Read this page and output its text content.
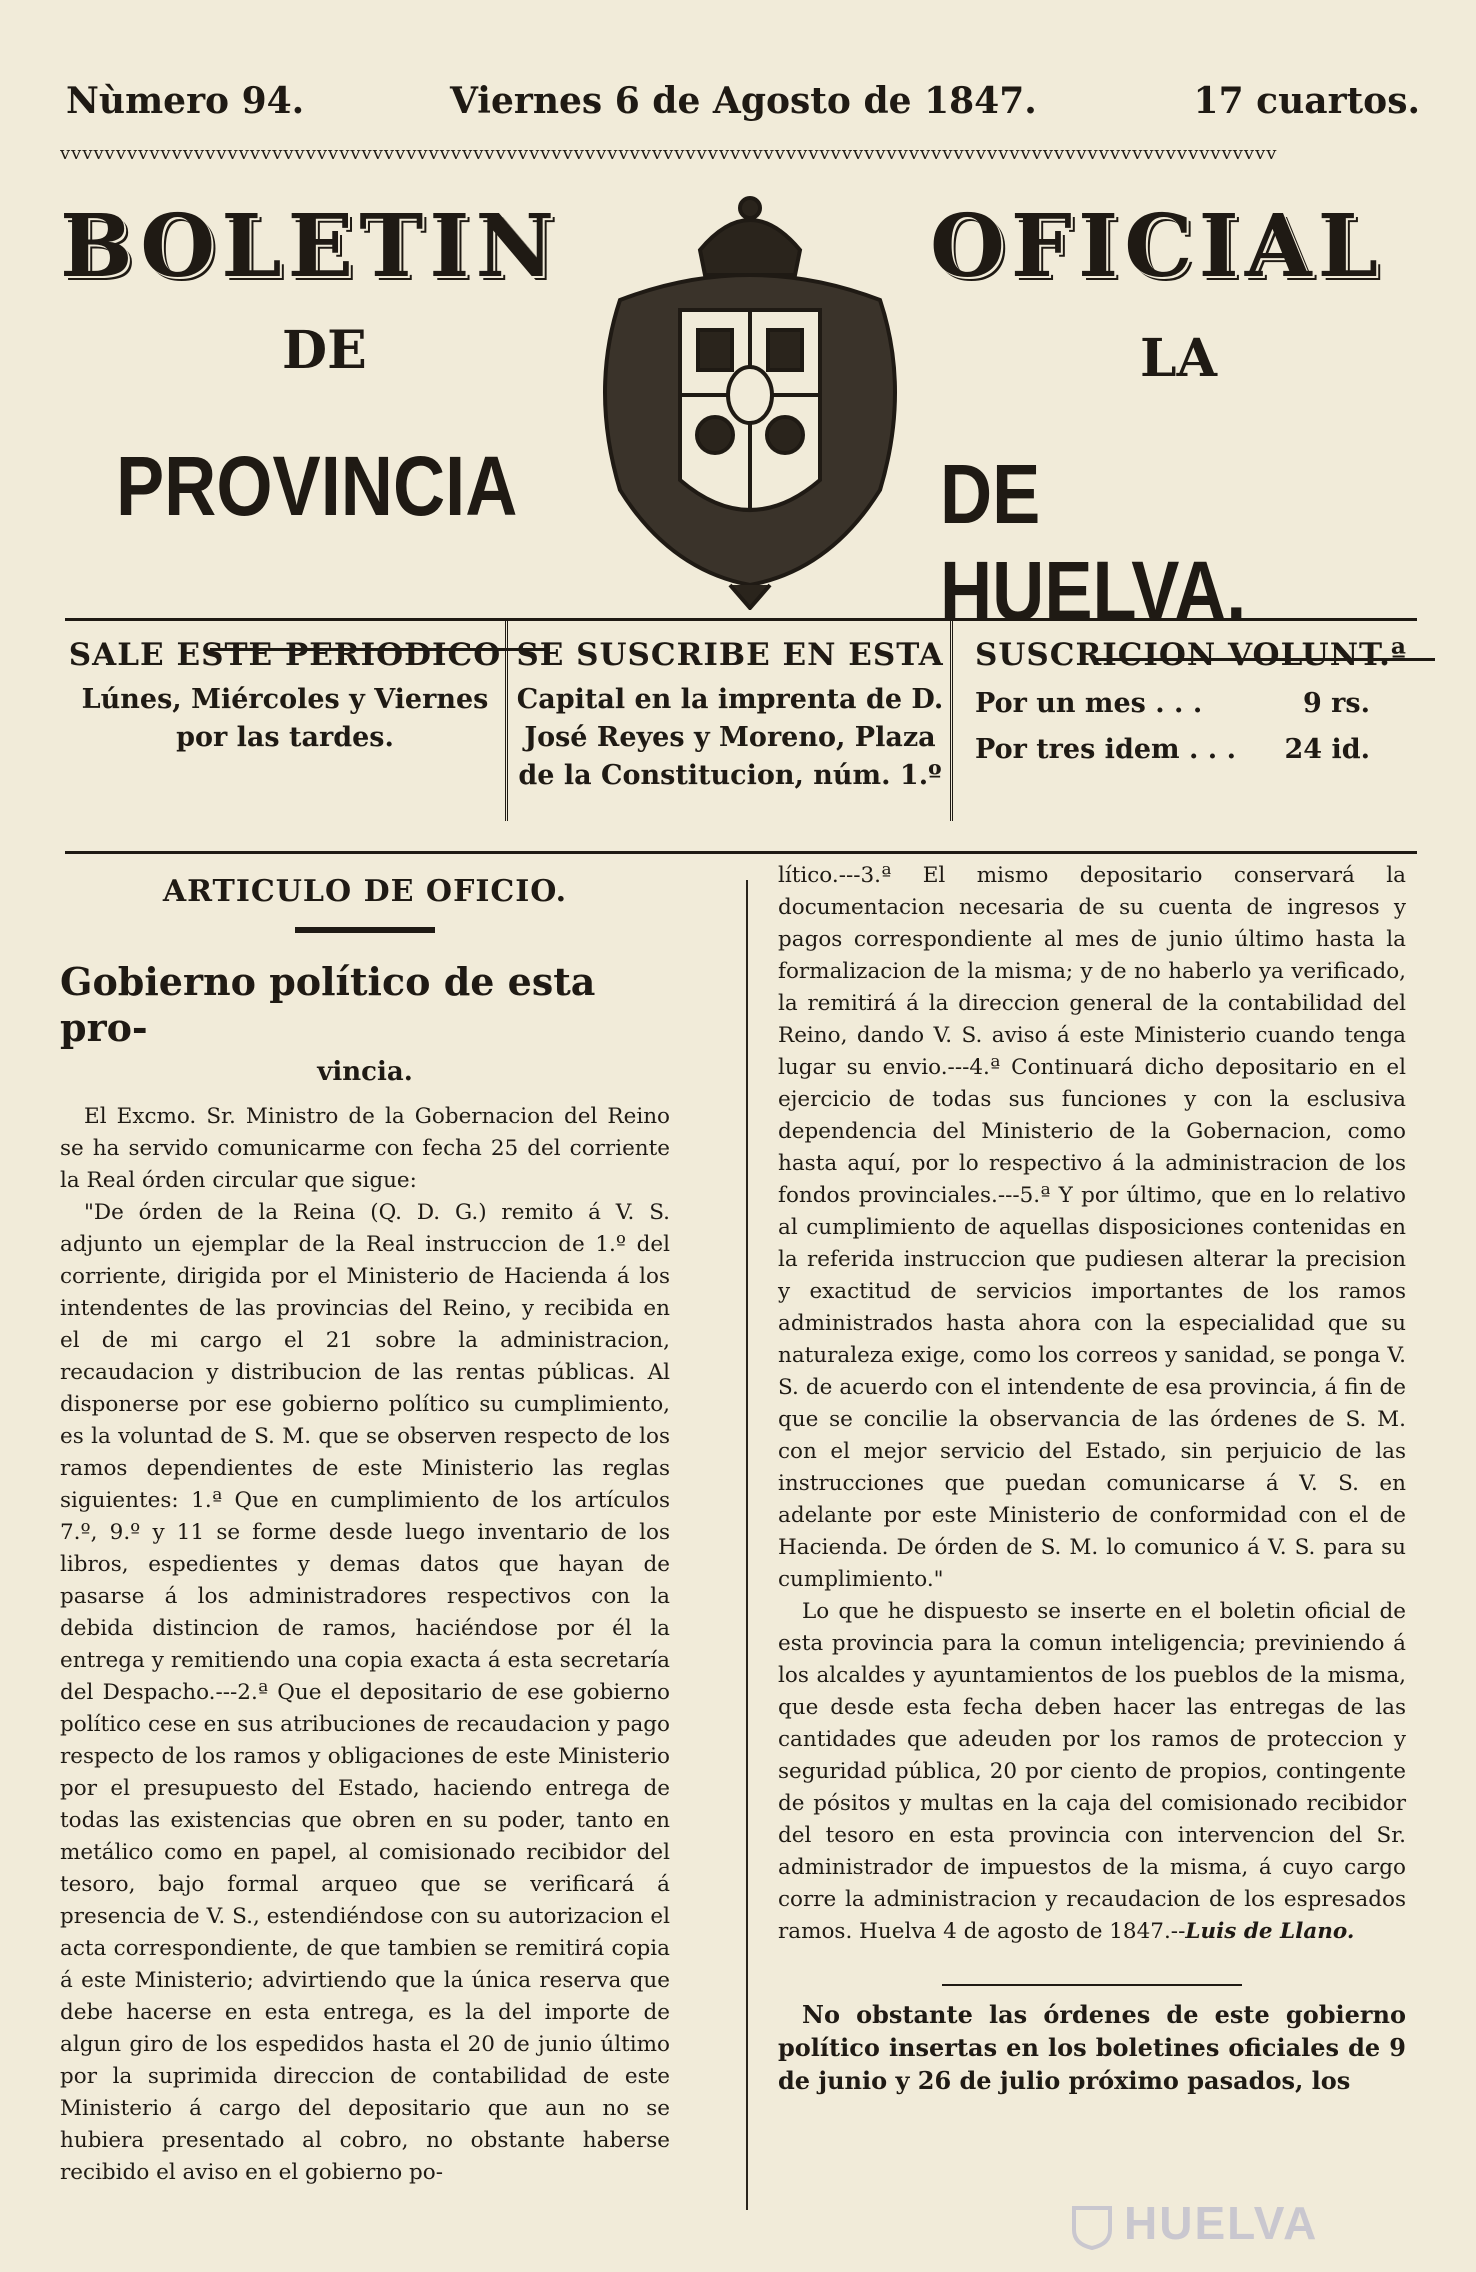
Nùmero 94.	Viernes 6 de Agosto de 1847.	17 cuartos.
vvvvvvvvvvvvvvvvvvvvvvvvvvvvvvvvvvvvvvvvvvvvvvvvvvvvvvvvvvvvvvvvvvvvvvvvvvvvvvvvvvvvvvvvvvvvvvvvvvvvvvvvvvvvv
BOLETIN	OFICIAL
DE	LA
PROVINCIA	DE HUELVA.
SALE ESTE PERIODICO

Lúnes, Miércoles y Viernes por las tardes.

SE SUSCRIBE EN ESTA

Capital en la imprenta de D. José Reyes y Moreno, Plaza de la Constitucion, núm. 1.º

SUSCRICION VOLUNT.ª
Por un mes . . .	9 rs.
Por tres idem . . . 24 id.
ARTICULO DE OFICIO.
Gobierno político de esta pro-
vincia.

El Excmo. Sr. Ministro de la Gobernacion del Reino se ha servido comunicarme con fecha 25 del corriente la Real órden circular que sigue:

"De órden de la Reina (Q. D. G.) remito á V. S. adjunto un ejemplar de la Real instruccion de 1.º del corriente, dirigida por el Ministerio de Hacienda á los intendentes de las provincias del Reino, y recibida en el de mi cargo el 21 sobre la administracion, recaudacion y distribucion de las rentas públicas. Al disponerse por ese gobierno político su cumplimiento, es la voluntad de S. M. que se observen respecto de los ramos dependientes de este Ministerio las reglas siguientes: 1.ª Que en cumplimiento de los artículos 7.º, 9.º y 11 se forme desde luego inventario de los libros, espedientes y demas datos que hayan de pasarse á los administradores respectivos con la debida distincion de ramos, haciéndose por él la entrega y remitiendo una copia exacta á esta secretaría del Despacho.---2.ª Que el depositario de ese gobierno político cese en sus atribuciones de recaudacion y pago respecto de los ramos y obligaciones de este Ministerio por el presupuesto del Estado, haciendo entrega de todas las existencias que obren en su poder, tanto en metálico como en papel, al comisionado recibidor del tesoro, bajo formal arqueo que se verificará á presencia de V. S., estendiéndose con su autorizacion el acta correspondiente, de que tambien se remitirá copia á este Ministerio; advirtiendo que la única reserva que debe hacerse en esta entrega, es la del importe de algun giro de los espedidos hasta el 20 de junio último por la suprimida direccion de contabilidad de este Ministerio á cargo del depositario que aun no se hubiera presentado al cobro, no obstante haberse recibido el aviso en el gobierno po-

lítico.---3.ª El mismo depositario conservará la documentacion necesaria de su cuenta de ingresos y pagos correspondiente al mes de junio último hasta la formalizacion de la misma; y de no haberlo ya verificado, la remitirá á la direccion general de la contabilidad del Reino, dando V. S. aviso á este Ministerio cuando tenga lugar su envio.---4.ª Continuará dicho depositario en el ejercicio de todas sus funciones y con la esclusiva dependencia del Ministerio de la Gobernacion, como hasta aquí, por lo respectivo á la administracion de los fondos provinciales.---5.ª Y por último, que en lo relativo al cumplimiento de aquellas disposiciones contenidas en la referida instruccion que pudiesen alterar la precision y exactitud de servicios importantes de los ramos administrados hasta ahora con la especialidad que su naturaleza exige, como los correos y sanidad, se ponga V. S. de acuerdo con el intendente de esa provincia, á fin de que se concilie la observancia de las órdenes de S. M. con el mejor servicio del Estado, sin perjuicio de las instrucciones que puedan comunicarse á V. S. en adelante por este Ministerio de conformidad con el de Hacienda. De órden de S. M. lo comunico á V. S. para su cumplimiento."

Lo que he dispuesto se inserte en el boletin oficial de esta provincia para la comun inteligencia; previniendo á los alcaldes y ayuntamientos de los pueblos de la misma, que desde esta fecha deben hacer las entregas de las cantidades que adeuden por los ramos de proteccion y seguridad pública, 20 por ciento de propios, contingente de pósitos y multas en la caja del comisionado recibidor del tesoro en esta provincia con intervencion del Sr. administrador de impuestos de la misma, á cuyo cargo corre la administracion y recaudacion de los espresados ramos. Huelva 4 de agosto de 1847.--Luis de Llano.

No obstante las órdenes de este gobierno político insertas en los boletines oficiales de 9 de junio y 26 de julio próximo pasados, los

HUELVA
